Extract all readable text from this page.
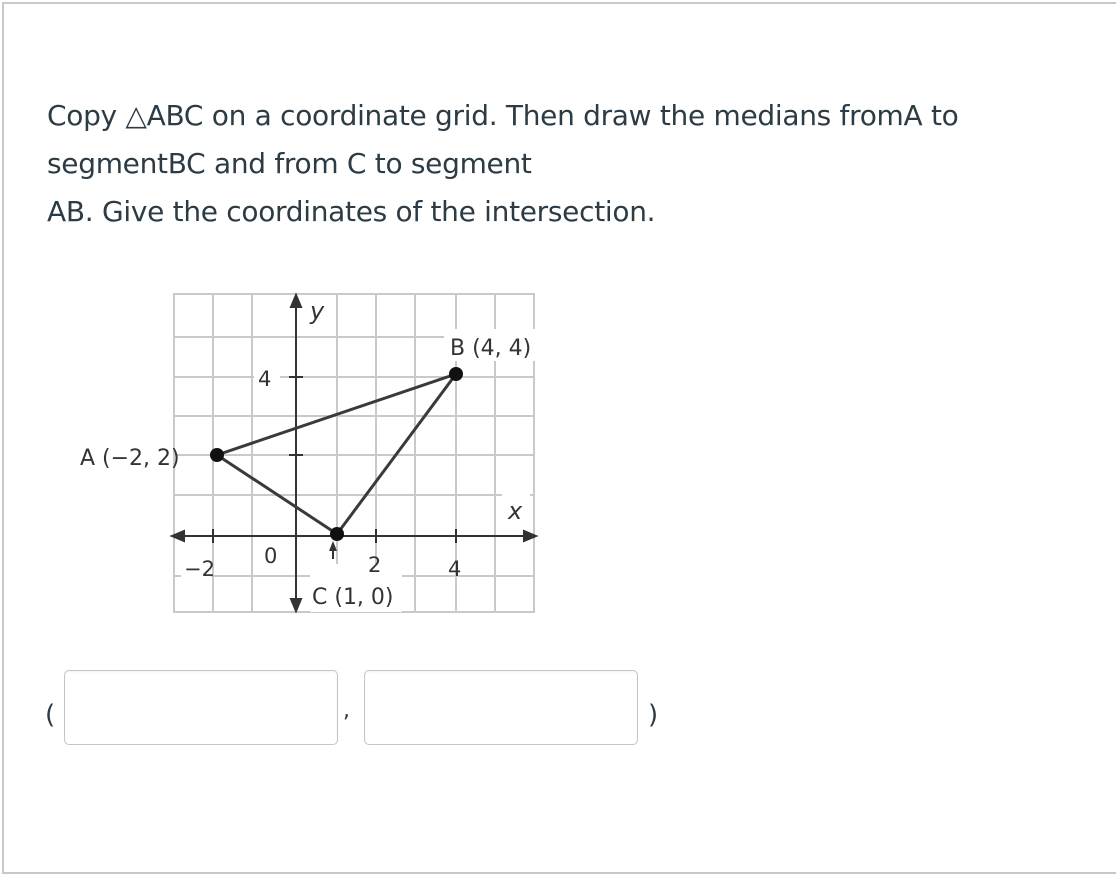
Copy △ABC on a coordinate grid. Then draw the medians fromA to
segmentBC and from C to segment
AB. Give the coordinates of the intersection.
y
x
−2
0	2	4
4
A (−2, 2)
B (4, 4)
C (1, 0)
(	,	)
